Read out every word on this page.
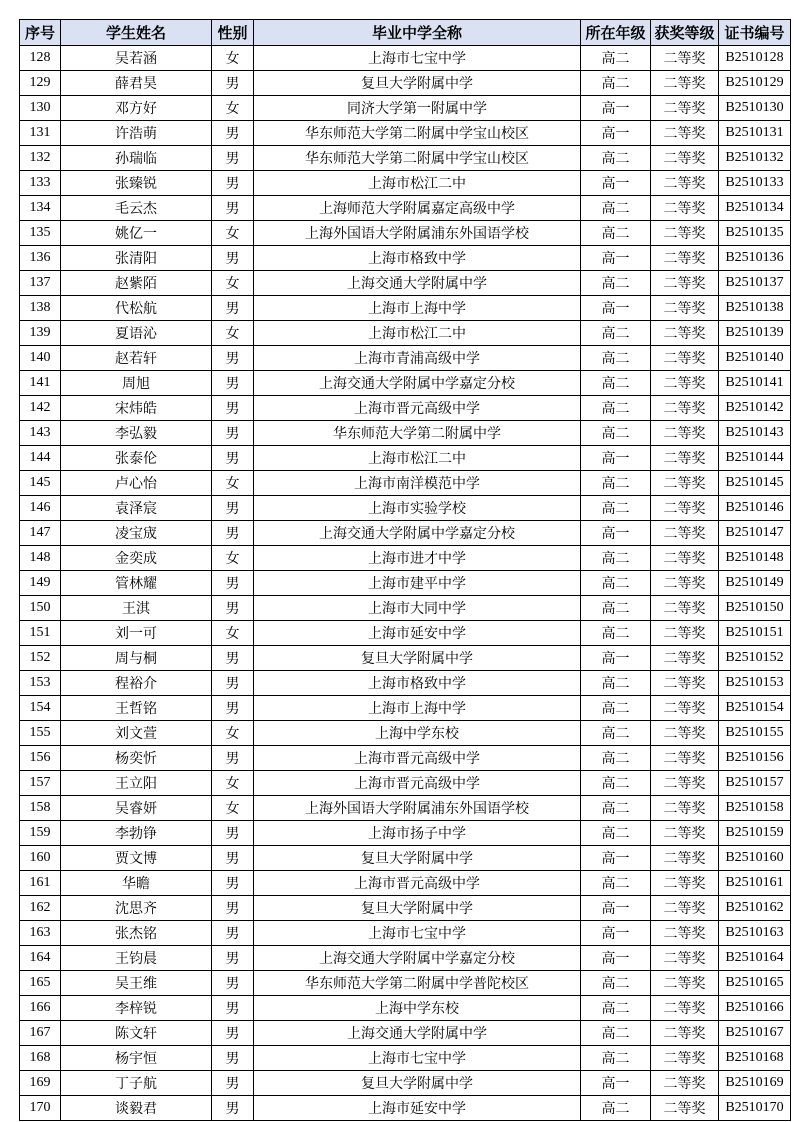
序号	学生姓名	性别	毕业中学全称	所在年级	获奖等级	证书编号
128	吴若涵	女	上海市七宝中学	高二	二等奖	B2510128
129	薛君昊	男	复旦大学附属中学	高二	二等奖	B2510129
130	邓方好	女	同济大学第一附属中学	高一	二等奖	B2510130
131	许浩萌	男	华东师范大学第二附属中学宝山校区	高一	二等奖	B2510131
132	孙瑞临	男	华东师范大学第二附属中学宝山校区	高二	二等奖	B2510132
133	张臻锐	男	上海市松江二中	高一	二等奖	B2510133
134	毛云杰	男	上海师范大学附属嘉定高级中学	高二	二等奖	B2510134
135	姚亿一	女	上海外国语大学附属浦东外国语学校	高二	二等奖	B2510135
136	张清阳	男	上海市格致中学	高一	二等奖	B2510136
137	赵紫陌	女	上海交通大学附属中学	高二	二等奖	B2510137
138	代松航	男	上海市上海中学	高一	二等奖	B2510138
139	夏语沁	女	上海市松江二中	高二	二等奖	B2510139
140	赵若轩	男	上海市青浦高级中学	高二	二等奖	B2510140
141	周旭	男	上海交通大学附属中学嘉定分校	高二	二等奖	B2510141
142	宋炜皓	男	上海市晋元高级中学	高二	二等奖	B2510142
143	李弘毅	男	华东师范大学第二附属中学	高二	二等奖	B2510143
144	张泰伦	男	上海市松江二中	高一	二等奖	B2510144
145	卢心怡	女	上海市南洋模范中学	高二	二等奖	B2510145
146	袁泽宸	男	上海市实验学校	高二	二等奖	B2510146
147	凌宝宬	男	上海交通大学附属中学嘉定分校	高一	二等奖	B2510147
148	金奕成	女	上海市进才中学	高二	二等奖	B2510148
149	管林耀	男	上海市建平中学	高二	二等奖	B2510149
150	王淇	男	上海市大同中学	高二	二等奖	B2510150
151	刘一可	女	上海市延安中学	高二	二等奖	B2510151
152	周与桐	男	复旦大学附属中学	高一	二等奖	B2510152
153	程裕介	男	上海市格致中学	高二	二等奖	B2510153
154	王哲铭	男	上海市上海中学	高二	二等奖	B2510154
155	刘文萱	女	上海中学东校	高二	二等奖	B2510155
156	杨奕忻	男	上海市晋元高级中学	高二	二等奖	B2510156
157	王立阳	女	上海市晋元高级中学	高二	二等奖	B2510157
158	吴睿妍	女	上海外国语大学附属浦东外国语学校	高二	二等奖	B2510158
159	李勃铮	男	上海市扬子中学	高二	二等奖	B2510159
160	贾文博	男	复旦大学附属中学	高一	二等奖	B2510160
161	华瞻	男	上海市晋元高级中学	高二	二等奖	B2510161
162	沈思齐	男	复旦大学附属中学	高一	二等奖	B2510162
163	张杰铭	男	上海市七宝中学	高一	二等奖	B2510163
164	王钧晨	男	上海交通大学附属中学嘉定分校	高一	二等奖	B2510164
165	吴王维	男	华东师范大学第二附属中学普陀校区	高二	二等奖	B2510165
166	李梓锐	男	上海中学东校	高二	二等奖	B2510166
167	陈文轩	男	上海交通大学附属中学	高二	二等奖	B2510167
168	杨宇恒	男	上海市七宝中学	高二	二等奖	B2510168
169	丁子航	男	复旦大学附属中学	高一	二等奖	B2510169
170	谈毅君	男	上海市延安中学	高二	二等奖	B2510170
